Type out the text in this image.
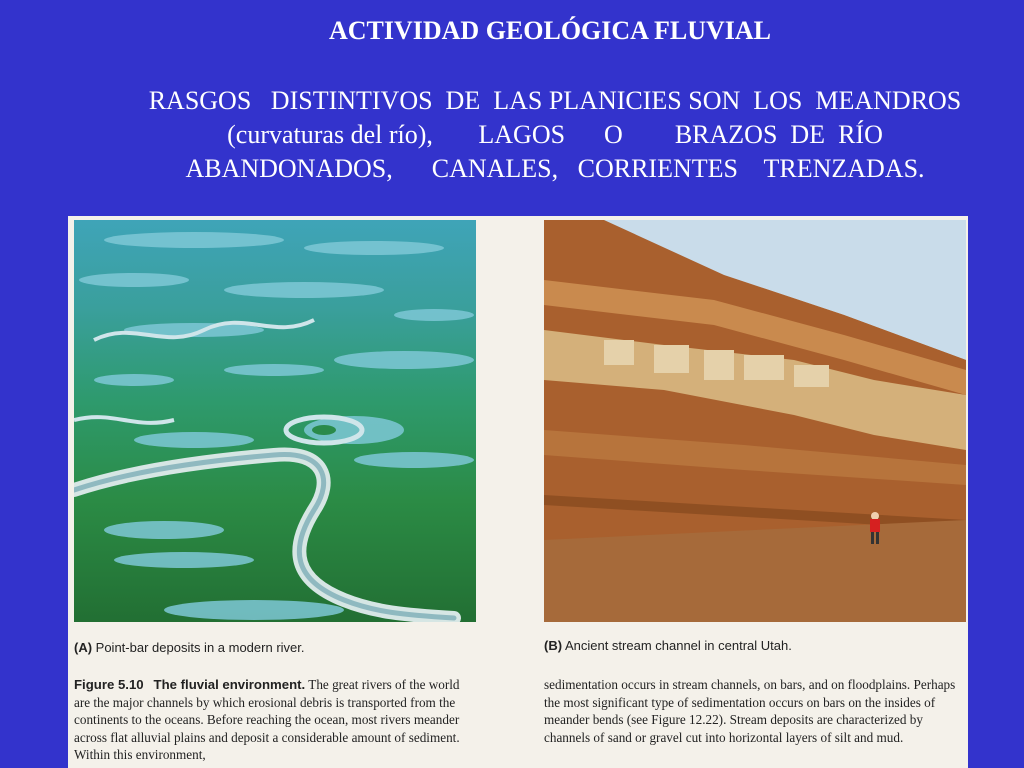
ACTIVIDAD GEOLÓGICA FLUVIAL
RASGOS   DISTINTIVOS  DE  LAS PLANICIES SON  LOS  MEANDROS
(curvaturas del río),       LAGOS      O        BRAZOS  DE  RÍO
ABANDONADOS,      CANALES,   CORRIENTES    TRENZADAS.
(A) Point-bar deposits in a modern river.	(B) Ancient stream channel in central Utah.
Figure 5.10 The fluvial environment. The great rivers of the world are the major channels by which erosional debris is transported from the continents to the oceans. Before reaching the ocean, most rivers meander across flat alluvial plains and deposit a considerable amount of sediment. Within this environment,
sedimentation occurs in stream channels, on bars, and on floodplains. Perhaps the most significant type of sedimentation occurs on bars on the insides of meander bends (see Figure 12.22). Stream deposits are characterized by channels of sand or gravel cut into horizontal layers of silt and mud.
